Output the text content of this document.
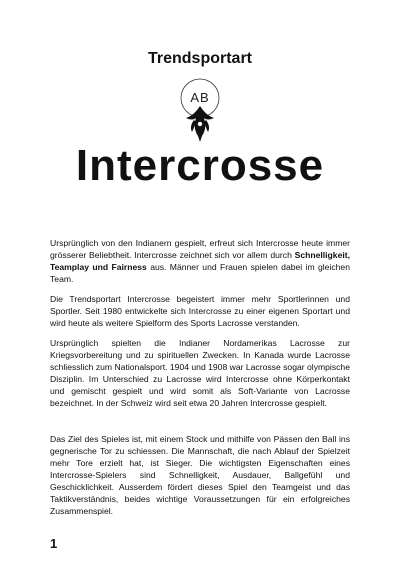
Trendsportart
AB
Intercrosse
Ursprünglich von den Indianern gespielt, erfreut sich Intercrosse heute immer grösserer Beliebtheit. Intercrosse zeichnet sich vor allem durch Schnelligkeit, Teamplay und Fairness aus. Männer und Frauen spielen dabei im gleichen Team.
Die Trendsportart Intercrosse begeistert immer mehr Sportlerinnen und Sportler. Seit 1980 entwickelte sich Intercrosse zu einer eigenen Sportart und wird heute als weitere Spielform des Sports Lacrosse verstanden.
Ursprünglich spielten die Indianer Nordamerikas Lacrosse zur Kriegsvorbereitung und zu spirituellen Zwecken. In Kanada wurde Lacrosse schliesslich zum Nationalsport. 1904 und 1908 war Lacrosse sogar olympische Disziplin. Im Unterschied zu Lacrosse wird Intercrosse ohne Körperkontakt und gemischt gespielt und wird somit als Soft-Variante von Lacrosse bezeichnet. In der Schweiz wird seit etwa 20 Jahren Intercrosse gespielt.
Das Ziel des Spieles ist, mit einem Stock und mithilfe von Pässen den Ball ins gegnerische Tor zu schiessen. Die Mannschaft, die nach Ablauf der Spielzeit mehr Tore erzielt hat, ist Sieger. Die wichtigsten Eigenschaften eines Intercrosse-Spielers sind Schnelligkeit, Ausdauer, Ballgefühl und Geschicklichkeit. Ausserdem fördert dieses Spiel den Teamgeist und das Taktikverständnis, beides wichtige Voraussetzungen für ein erfolgreiches Zusammenspiel.
1
